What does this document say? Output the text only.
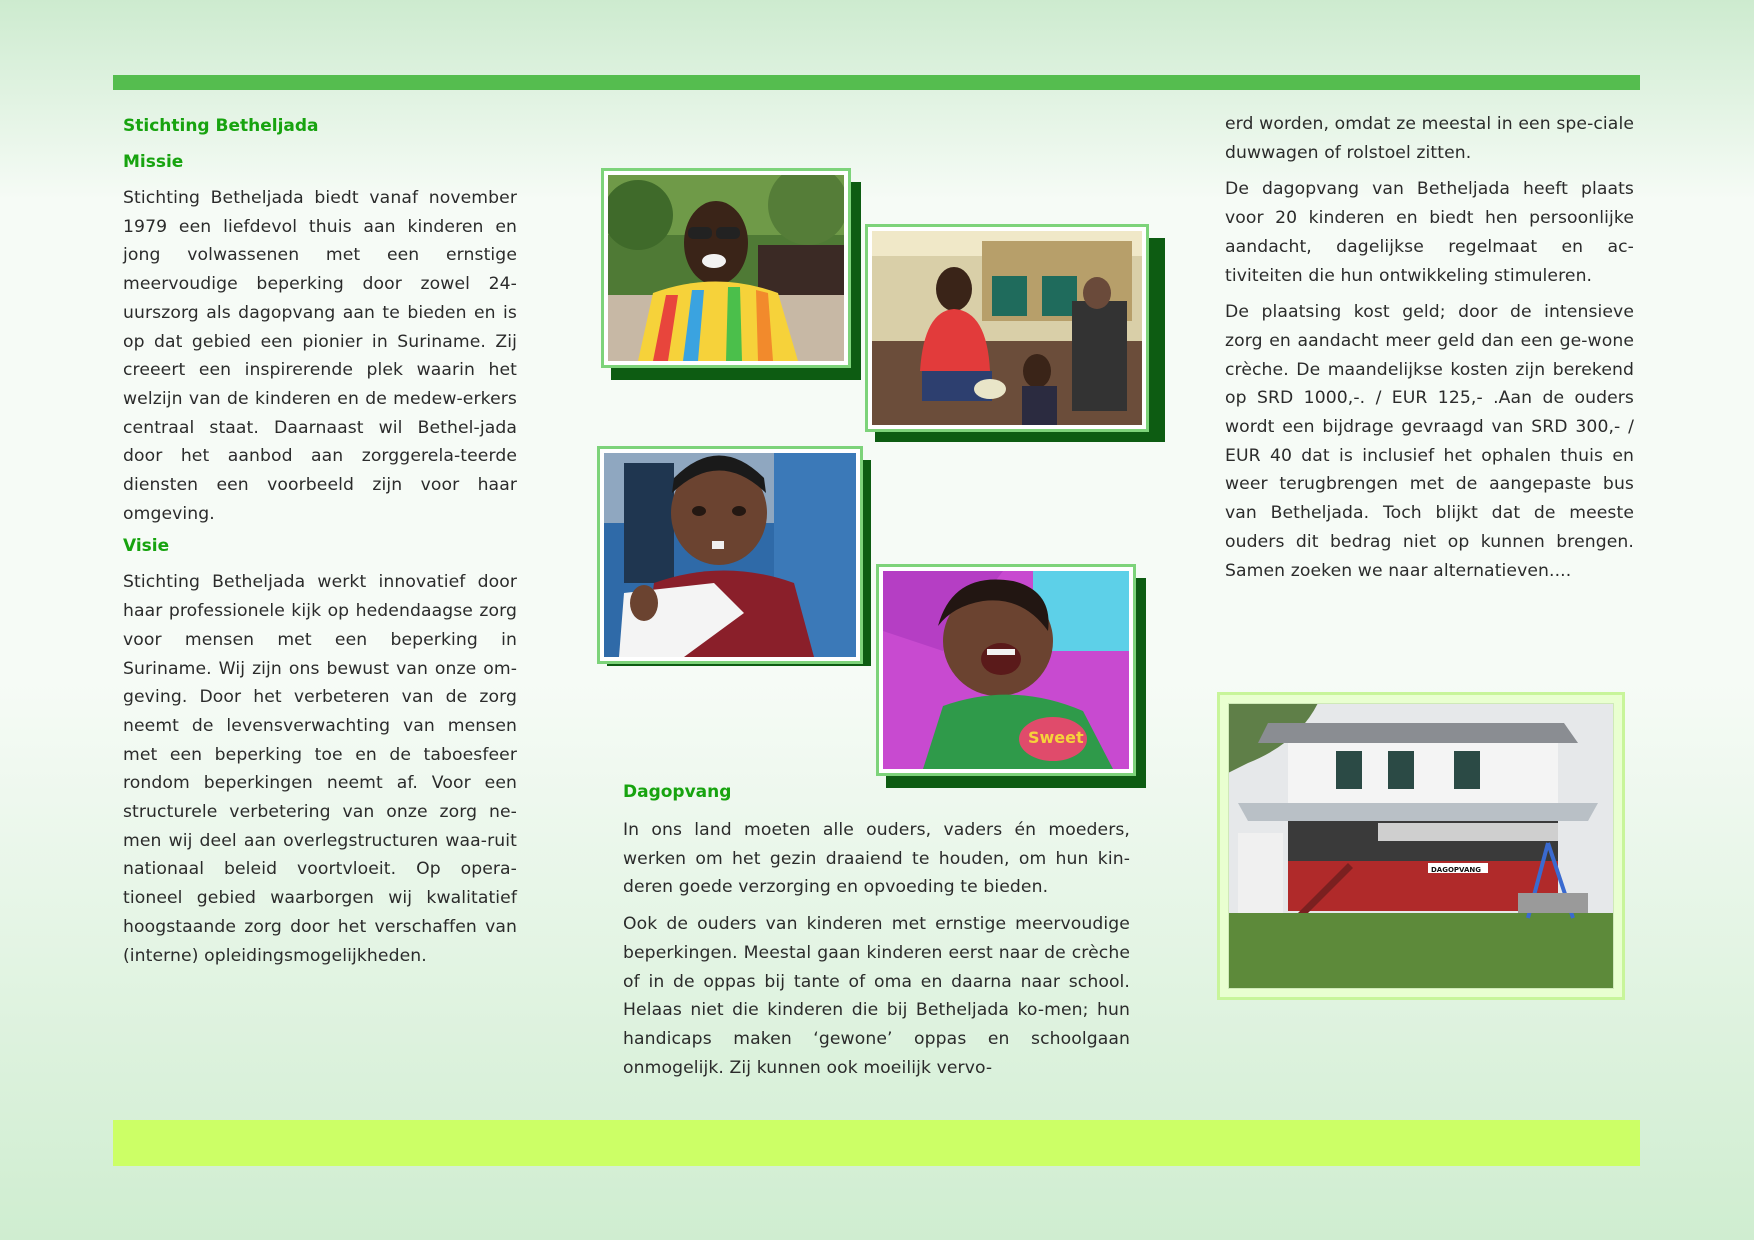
Stichting Betheljada
Missie

Stichting Betheljada biedt vanaf november 1979 een liefdevol thuis aan kinderen en jong volwassenen met een ernstige meervoudige beperking door zowel 24-uurszorg als dagopvang aan te bieden en is op dat gebied een pionier in Suriname. Zij creeert een inspirerende plek waarin het welzijn van de kinderen en de medew-erkers centraal staat. Daarnaast wil Bethel-jada door het aanbod aan zorggerela-teerde diensten een voorbeeld zijn voor haar omgeving.

Visie

Stichting Betheljada werkt innovatief door haar professionele kijk op hedendaagse zorg voor mensen met een beperking in Suriname. Wij zijn ons bewust van onze om-geving. Door het verbeteren van de zorg neemt de levensverwachting van mensen met een beperking toe en de taboesfeer rondom beperkingen neemt af. Voor een structurele verbetering van onze zorg ne-men wij deel aan overlegstructuren waa-ruit nationaal beleid voortvloeit. Op opera-tioneel gebied waarborgen wij kwalitatief hoogstaande zorg door het verschaffen van (interne) opleidingsmogelijkheden.

Sweet
Dagopvang

In ons land moeten alle ouders, vaders én moeders, werken om het gezin draaiend te houden, om hun kin-deren goede verzorging en opvoeding te bieden.

Ook de ouders van kinderen met ernstige meervoudige beperkingen. Meestal gaan kinderen eerst naar de crèche of in de oppas bij tante of oma en daarna naar school. Helaas niet die kinderen die bij Betheljada ko-men; hun handicaps maken ‘gewone’ oppas en schoolgaan onmogelijk. Zij kunnen ook moeilijk vervo-

erd worden, omdat ze meestal in een spe-ciale duwwagen of rolstoel zitten.

De dagopvang van Betheljada heeft plaats voor 20 kinderen en biedt hen persoonlijke aandacht, dagelijkse regelmaat en ac-tiviteiten die hun ontwikkeling stimuleren.

De plaatsing kost geld; door de intensieve zorg en aandacht meer geld dan een ge-wone crèche. De maandelijkse kosten zijn berekend op SRD 1000,-. / EUR 125,- .Aan de ouders wordt een bijdrage gevraagd van SRD 300,- / EUR 40 dat is inclusief het ophalen thuis en weer terugbrengen met de aangepaste bus van Betheljada. Toch blijkt dat de meeste ouders dit bedrag niet op kunnen brengen. Samen zoeken we naar alternatieven....

DAGOPVANG
